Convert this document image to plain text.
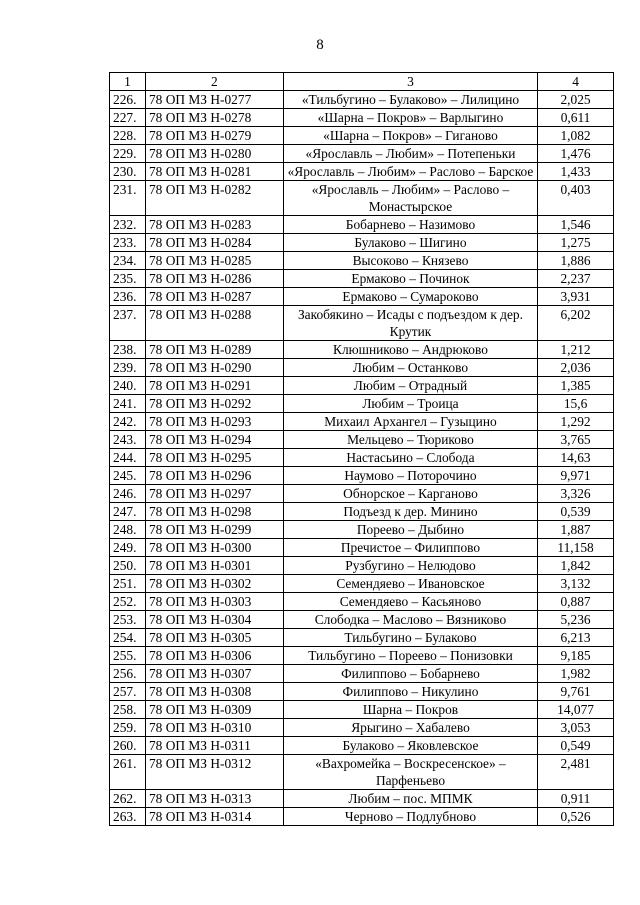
8
1	2	3	4
226.	78 ОП МЗ Н-0277	«Тильбугино – Булаково» – Лилицино	2,025
227.	78 ОП МЗ Н-0278	«Шарна – Покров» – Варлыгино	0,611
228.	78 ОП МЗ Н-0279	«Шарна – Покров» – Гиганово	1,082
229.	78 ОП МЗ Н-0280	«Ярославль – Любим» – Потепеньки	1,476
230.	78 ОП МЗ Н-0281	«Ярославль – Любим» – Раслово – Барское	1,433
231.	78 ОП МЗ Н-0282	«Ярославль – Любим» – Раслово – Монастырское	0,403
232.	78 ОП МЗ Н-0283	Бобарнево – Назимово	1,546
233.	78 ОП МЗ Н-0284	Булаково – Шигино	1,275
234.	78 ОП МЗ Н-0285	Высоково – Князево	1,886
235.	78 ОП МЗ Н-0286	Ермаково – Починок	2,237
236.	78 ОП МЗ Н-0287	Ермаково – Сумароково	3,931
237.	78 ОП МЗ Н-0288	Закобякино – Исады с подъездом к дер. Крутик	6,202
238.	78 ОП МЗ Н-0289	Клюшниково – Андрюково	1,212
239.	78 ОП МЗ Н-0290	Любим – Останково	2,036
240.	78 ОП МЗ Н-0291	Любим – Отрадный	1,385
241.	78 ОП МЗ Н-0292	Любим – Троица	15,6
242.	78 ОП МЗ Н-0293	Михаил Архангел – Гузыцино	1,292
243.	78 ОП МЗ Н-0294	Мельцево – Тюриково	3,765
244.	78 ОП МЗ Н-0295	Настасьино – Слобода	14,63
245.	78 ОП МЗ Н-0296	Наумово – Поторочино	9,971
246.	78 ОП МЗ Н-0297	Обнорское – Карганово	3,326
247.	78 ОП МЗ Н-0298	Подъезд к дер. Минино	0,539
248.	78 ОП МЗ Н-0299	Пореево – Дыбино	1,887
249.	78 ОП МЗ Н-0300	Пречистое – Филиппово	11,158
250.	78 ОП МЗ Н-0301	Рузбугино – Нелюдово	1,842
251.	78 ОП МЗ Н-0302	Семендяево – Ивановское	3,132
252.	78 ОП МЗ Н-0303	Семендяево – Касьяново	0,887
253.	78 ОП МЗ Н-0304	Слободка – Маслово – Вязниково	5,236
254.	78 ОП МЗ Н-0305	Тильбугино – Булаково	6,213
255.	78 ОП МЗ Н-0306	Тильбугино – Пореево – Понизовки	9,185
256.	78 ОП МЗ Н-0307	Филиппово – Бобарнево	1,982
257.	78 ОП МЗ Н-0308	Филиппово – Никулино	9,761
258.	78 ОП МЗ Н-0309	Шарна – Покров	14,077
259.	78 ОП МЗ Н-0310	Ярыгино – Хабалево	3,053
260.	78 ОП МЗ Н-0311	Булаково – Яковлевское	0,549
261.	78 ОП МЗ Н-0312	«Вахромейка – Воскресенское» – Парфеньево	2,481
262.	78 ОП МЗ Н-0313	Любим – пос. МПМК	0,911
263.	78 ОП МЗ Н-0314	Черново – Подлубново	0,526
